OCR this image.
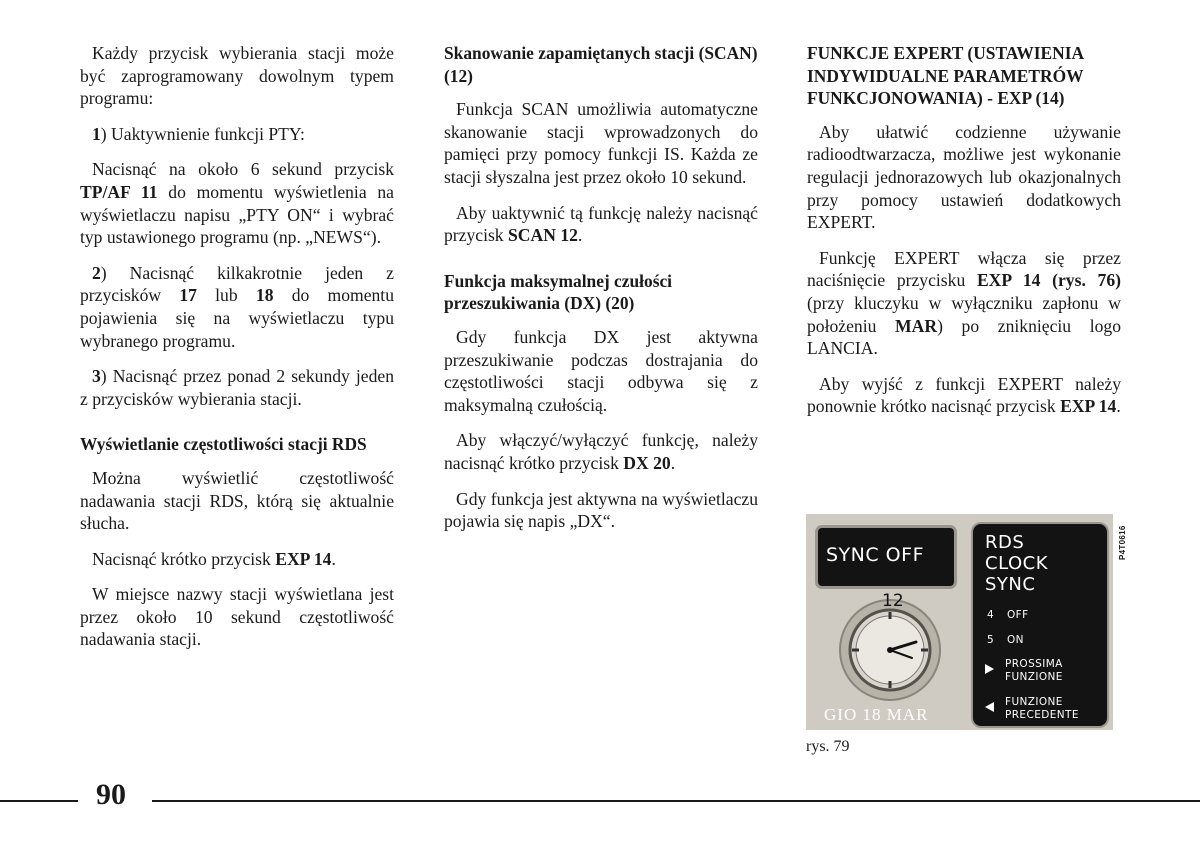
Każdy przycisk wybierania stacji może być zaprogramowany dowolnym typem programu:

1) Uaktywnienie funkcji PTY:

Nacisnąć na około 6 sekund przycisk TP/AF 11 do momentu wyświetlenia na wyświetlaczu napisu „PTY ON“ i wybrać typ ustawionego programu (np. „NEWS“).

2) Nacisnąć kilkakrotnie jeden z przycisków 17 lub 18 do momentu pojawienia się na wyświetlaczu typu wybranego programu.

3) Nacisnąć przez ponad 2 sekundy jeden z przycisków wybierania stacji.

Wyświetlanie częstotliwości stacji RDS

Można wyświetlić częstotliwość nadawania stacji RDS, którą się aktualnie słucha.

Nacisnąć krótko przycisk EXP 14.

W miejsce nazwy stacji wyświetlana jest przez około 10 sekund częstotliwość nadawania stacji.

Skanowanie zapamiętanych stacji (SCAN) (12)

Funkcja SCAN umożliwia automatyczne skanowanie stacji wprowadzonych do pamięci przy pomocy funkcji IS. Każda ze stacji słyszalna jest przez około 10 sekund.

Aby uaktywnić tą funkcję należy nacisnąć przycisk SCAN 12.

Funkcja maksymalnej czułości przeszukiwania (DX) (20)

Gdy funkcja DX jest aktywna przeszukiwanie podczas dostrajania do częstotliwości stacji odbywa się z maksymalną czułością.

Aby włączyć/wyłączyć funkcję, należy nacisnąć krótko przycisk DX 20.

Gdy funkcja jest aktywna na wyświetlaczu pojawia się napis „DX“.

FUNKCJE EXPERT (USTAWIENIA INDYWIDUALNE PARAMETRÓW FUNKCJONOWANIA) - EXP (14)

Aby ułatwić codzienne używanie radioodtwarzacza, możliwe jest wykonanie regulacji jednorazowych lub okazjonalnych przy pomocy ustawień dodatkowych EXPERT.

Funkcję EXPERT włącza się przez naciśnięcie przycisku EXP 14 (rys. 76) (przy kluczyku w wyłączniku zapłonu w położeniu MAR) po zniknięciu logo LANCIA.

Aby wyjść z funkcji EXPERT należy ponownie krótko nacisnąć przycisk EXP 14.

SYNC OFF
12
GIO 18 MAR
RDS
CLOCK
SYNC
4 OFF
5 ON
PROSSIMA
FUNZIONE
FUNZIONE
PRECEDENTE
P4T0616
rys. 79
90
